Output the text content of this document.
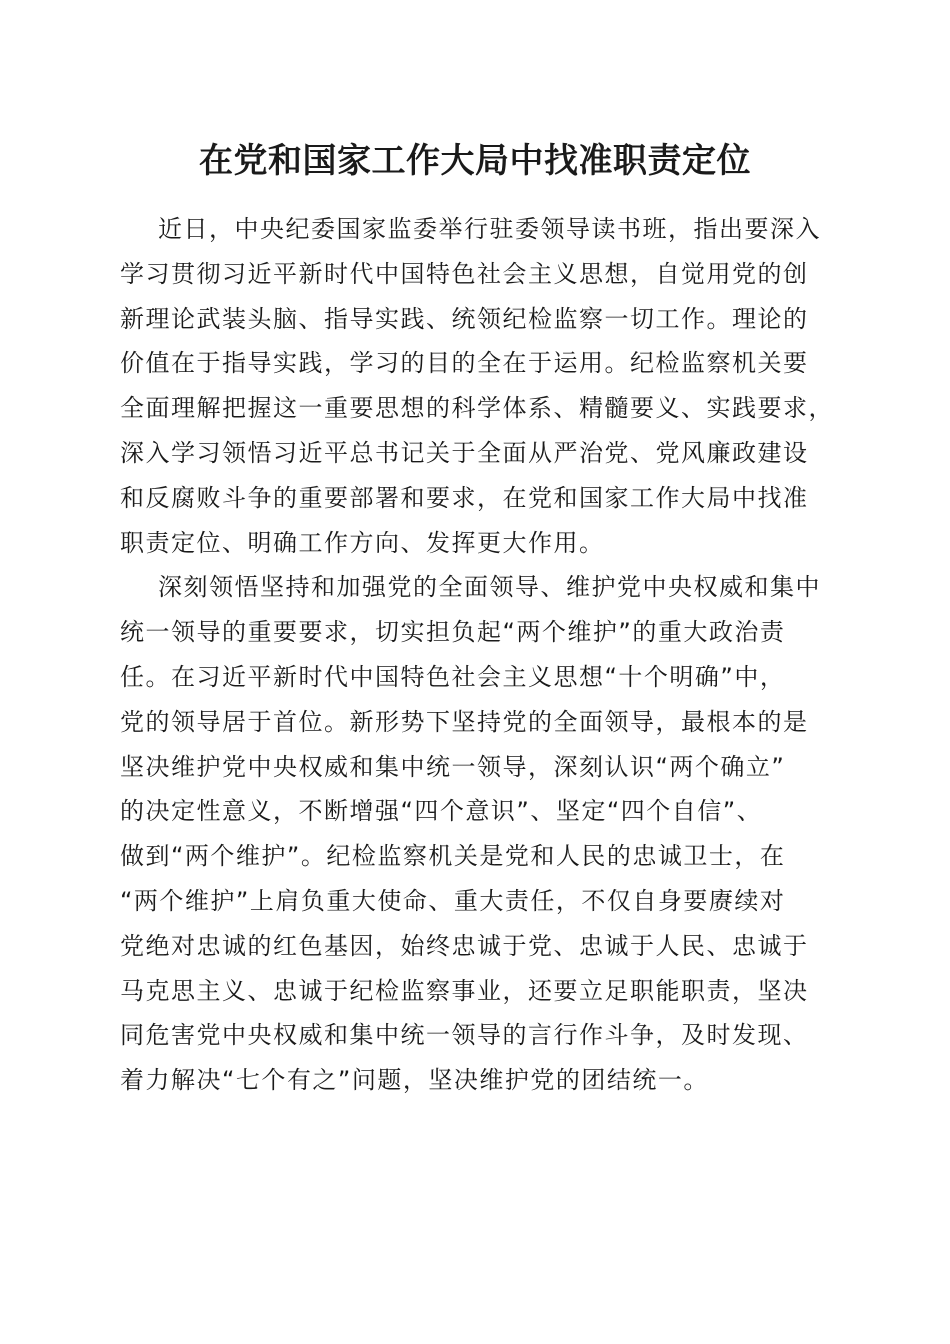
在党和国家工作大局中找准职责定位

近日，中央纪委国家监委举行驻委领导读书班，指出要深入
学习贯彻习近平新时代中国特色社会主义思想，自觉用党的创
新理论武装头脑、指导实践、统领纪检监察一切工作。理论的
价值在于指导实践，学习的目的全在于运用。纪检监察机关要
全面理解把握这一重要思想的科学体系、精髓要义、实践要求，
深入学习领悟习近平总书记关于全面从严治党、党风廉政建设
和反腐败斗争的重要部署和要求，在党和国家工作大局中找准
职责定位、明确工作方向、发挥更大作用。

深刻领悟坚持和加强党的全面领导、维护党中央权威和集中
统一领导的重要要求，切实担负起“两个维护”的重大政治责
任。在习近平新时代中国特色社会主义思想“十个明确”中，
党的领导居于首位。新形势下坚持党的全面领导，最根本的是
坚决维护党中央权威和集中统一领导，深刻认识“两个确立”
的决定性意义，不断增强“四个意识”、坚定“四个自信”、
做到“两个维护”。纪检监察机关是党和人民的忠诚卫士，在
“两个维护”上肩负重大使命、重大责任，不仅自身要赓续对
党绝对忠诚的红色基因，始终忠诚于党、忠诚于人民、忠诚于
马克思主义、忠诚于纪检监察事业，还要立足职能职责，坚决
同危害党中央权威和集中统一领导的言行作斗争，及时发现、
着力解决“七个有之”问题，坚决维护党的团结统一。
